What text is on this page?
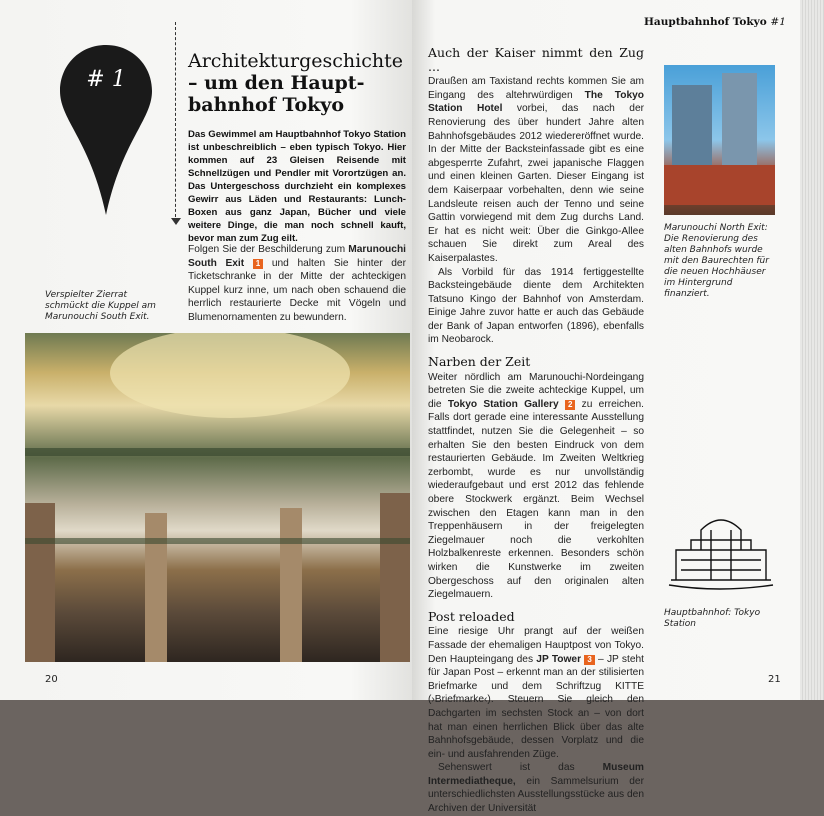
# 1
Architekturgeschichte
– um den Haupt-
bahnhof Tokyo
Das Gewimmel am Hauptbahnhof Tokyo Station ist unbeschreiblich – eben typisch Tokyo. Hier kommen auf 23 Gleisen Reisende mit Schnellzügen und Pendler mit Vorortzügen an. Das Untergeschoss durchzieht ein komplexes Gewirr aus Läden und Restaurants: Lunch-Boxen aus ganz Japan, Bücher und viele weitere Dinge, die man noch schnell kauft, bevor man zum Zug eilt.
Folgen Sie der Beschilderung zum Marunouchi South Exit 1 und halten Sie hinter der Ticketschranke in der Mitte der achteckigen Kuppel kurz inne, um nach oben schauend die herrlich restaurierte Decke mit Vögeln und Blumenornamenten zu bewundern.
Verspielter Zierrat schmückt die Kuppel am Marunouchi South Exit.
20
Hauptbahnhof Tokyo #1
Auch der Kaiser nimmt den Zug ...

Draußen am Taxistand rechts kommen Sie am Eingang des altehrwürdigen The Tokyo Station Hotel vorbei, das nach der Renovierung des über hundert Jahre alten Bahnhofsgebäudes 2012 wiedereröffnet wurde. In der Mitte der Backsteinfassade gibt es eine abgesperrte Zufahrt, zwei japanische Flaggen und einen kleinen Garten. Dieser Eingang ist dem Kaiserpaar vorbehalten, denn wie seine Landsleute reisen auch der Tenno und seine Gattin vorwiegend mit dem Zug durchs Land. Er hat es nicht weit: Über die Ginkgo-Allee schauen Sie direkt zum Areal des Kaiserpalastes.

Als Vorbild für das 1914 fertiggestellte Backsteingebäude diente dem Architekten Tatsuno Kingo der Bahnhof von Amsterdam. Einige Jahre zuvor hatte er auch das Gebäude der Bank of Japan entworfen (1896), ebenfalls im Neobarock.

Narben der Zeit

Weiter nördlich am Marunouchi-Nordeingang betreten Sie die zweite achteckige Kuppel, um die Tokyo Station Gallery 2 zu erreichen. Falls dort gerade eine interessante Ausstellung stattfindet, nutzen Sie die Gelegenheit – so erhalten Sie den besten Eindruck von dem restaurierten Gebäude. Im Zweiten Weltkrieg zerbombt, wurde es nur unvollständig wiederaufgebaut und erst 2012 das fehlende obere Stockwerk ergänzt. Beim Wechsel zwischen den Etagen kann man in den Treppenhäusern in der freigelegten Ziegelmauer noch die verkohlten Holzbalkenreste erkennen. Besonders schön wirken die Kunstwerke im zweiten Obergeschoss auf den originalen alten Ziegelmauern.

Post reloaded

Eine riesige Uhr prangt auf der weißen Fassade der ehemaligen Hauptpost von Tokyo. Den Haupteingang des JP Tower 3 – JP steht für Japan Post – erkennt man an der stilisierten Briefmarke und dem Schriftzug KITTE (›Briefmarke‹). Steuern Sie gleich den Dachgarten im sechsten Stock an – von dort hat man einen herrlichen Blick über das alte Bahnhofsgebäude, dessen Vorplatz und die ein- und ausfahrenden Züge.

Sehenswert ist das Museum Intermediatheque, ein Sammelsurium der unterschiedlichsten Ausstellungsstücke aus den Archiven der Universität

Marunouchi North Exit: Die Renovierung des alten Bahnhofs wurde mit den Baurechten für die neuen Hochhäuser im Hintergrund finanziert.
Hauptbahnhof: Tokyo Station
21
